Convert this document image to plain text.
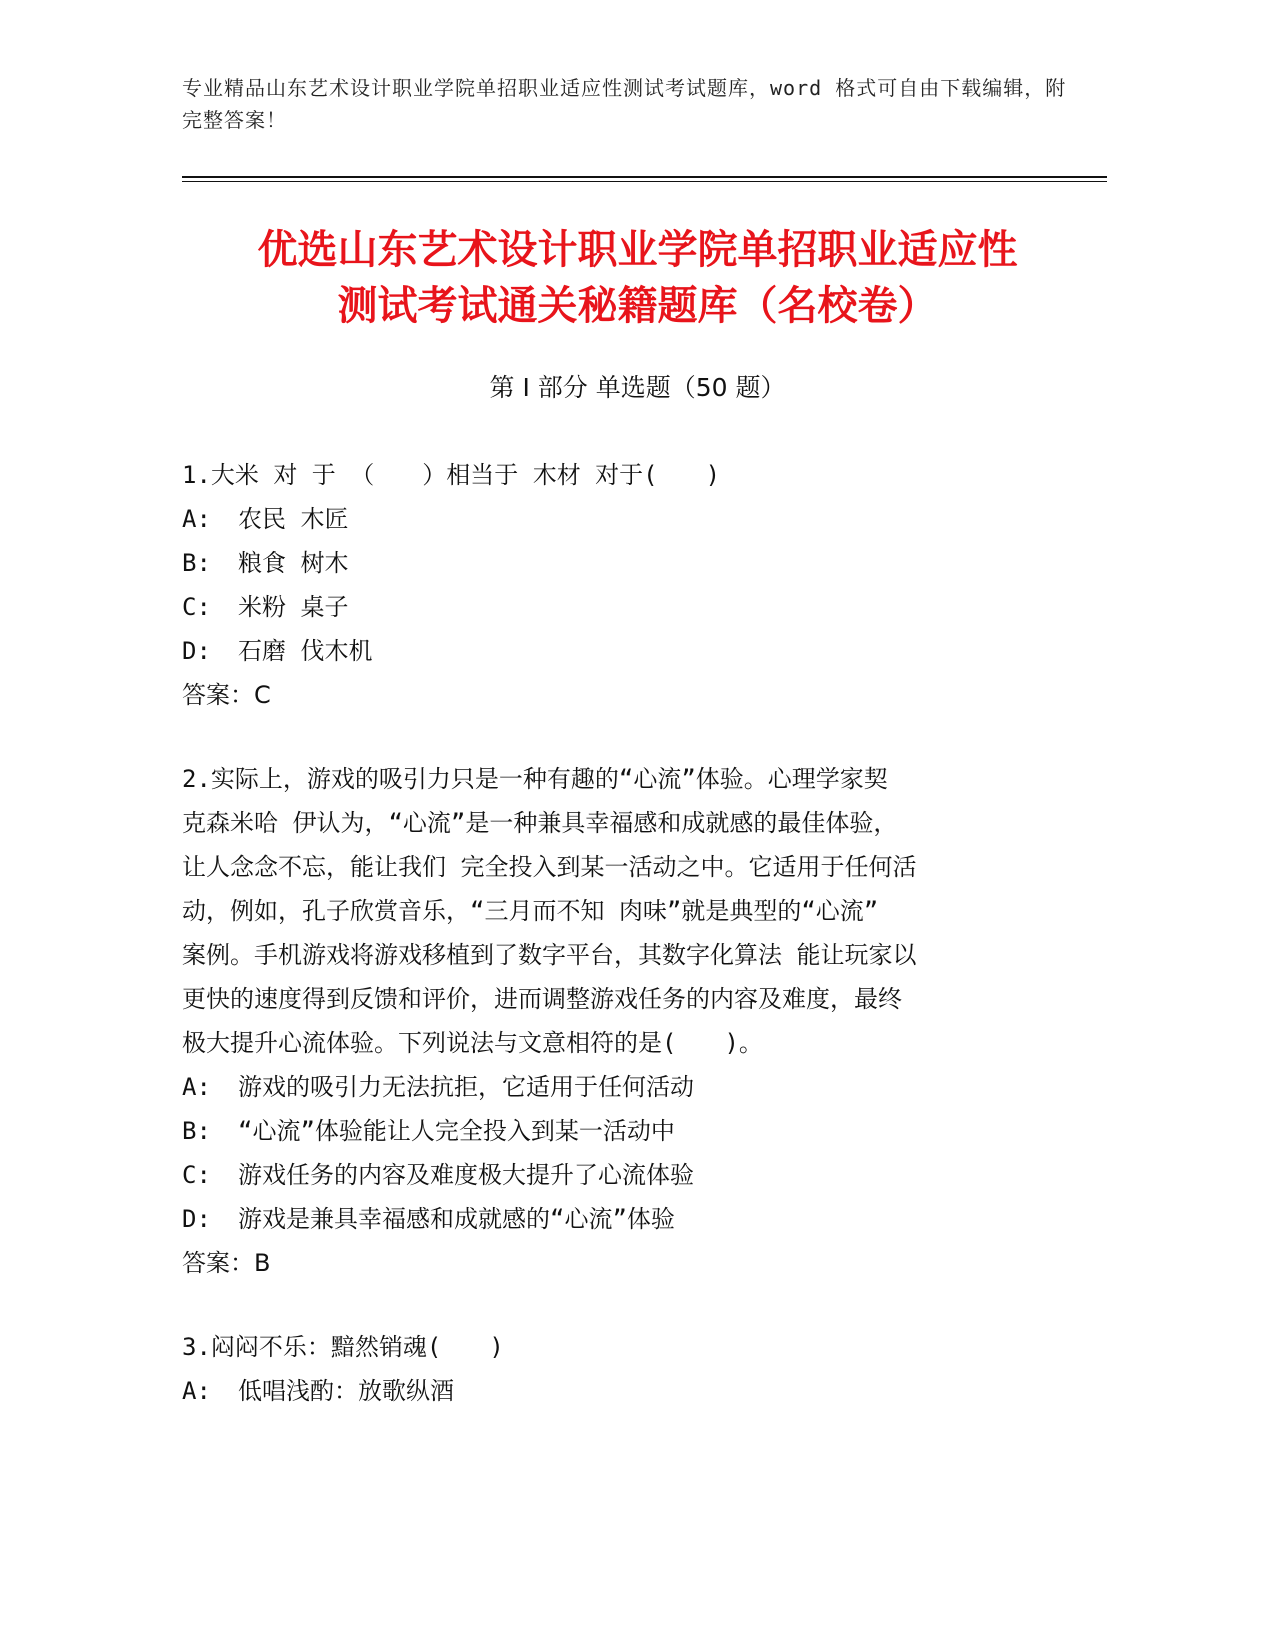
专业精品山东艺术设计职业学院单招职业适应性测试考试题库，word 格式可自由下载编辑，附完整答案！
优选山东艺术设计职业学院单招职业适应性
测试考试通关秘籍题库（名校卷）
第 I 部分 单选题（50 题）
1.大米 对 于 （　　）相当于 木材 对于(　　)
A:	农民 木匠
B:	粮食 树木
C:	米粉 桌子
D:	石磨 伐木机
答案：C
2.实际上，游戏的吸引力只是一种有趣的“心流”体验。心理学家契
克森米哈 伊认为，“心流”是一种兼具幸福感和成就感的最佳体验，
让人念念不忘，能让我们 完全投入到某一活动之中。它适用于任何活
动，例如，孔子欣赏音乐，“三月而不知 肉味”就是典型的“心流”
案例。手机游戏将游戏移植到了数字平台，其数字化算法 能让玩家以
更快的速度得到反馈和评价，进而调整游戏任务的内容及难度，最终
极大提升心流体验。下列说法与文意相符的是(　　)。
A:	游戏的吸引力无法抗拒，它适用于任何活动
B:	“心流”体验能让人完全投入到某一活动中
C:	游戏任务的内容及难度极大提升了心流体验
D:	游戏是兼具幸福感和成就感的“心流”体验
答案：B
3.闷闷不乐：黯然销魂(　　)
A:	低唱浅酌：放歌纵酒
